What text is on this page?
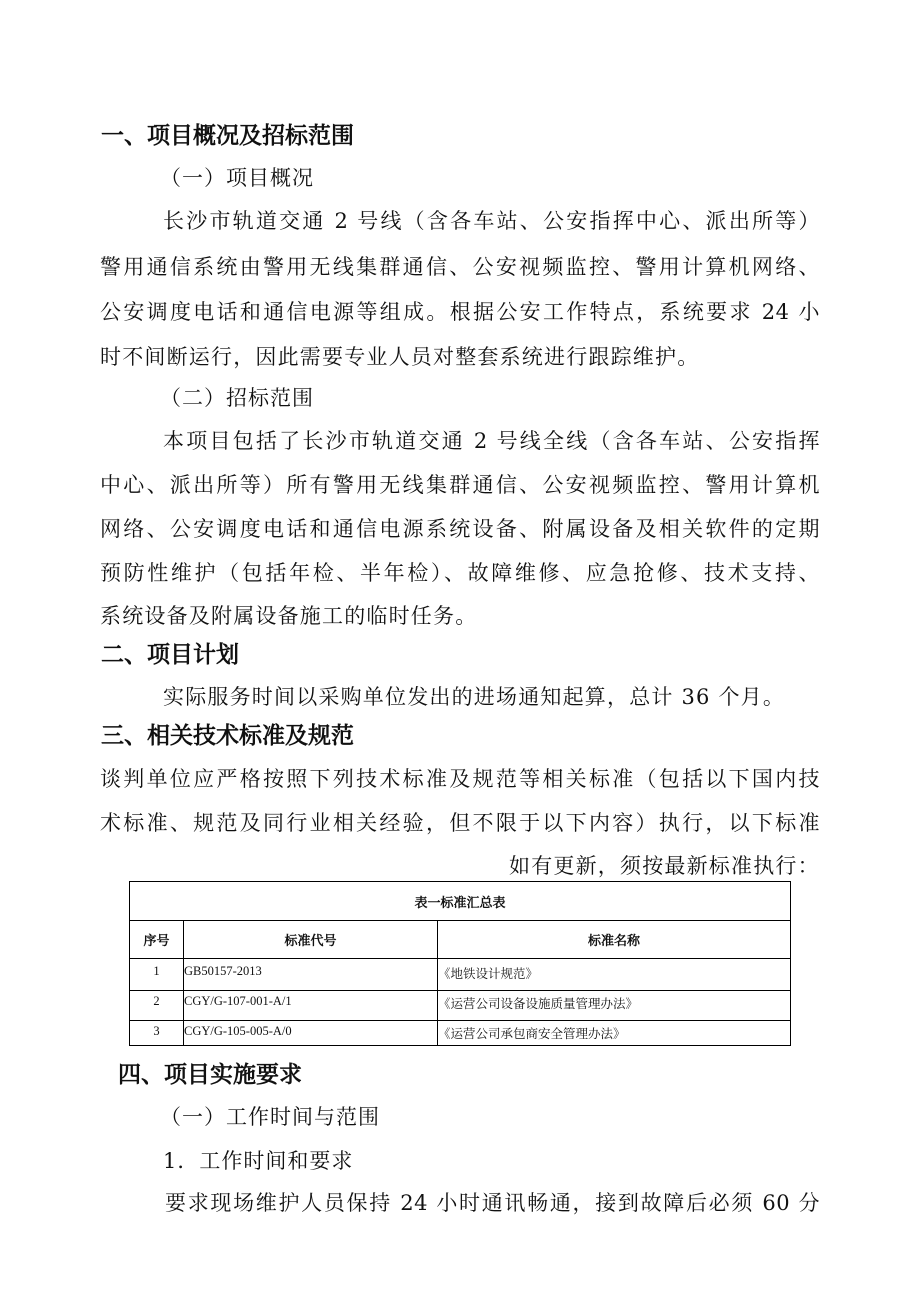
一、项目概况及招标范围
（一）项目概况
长沙市轨道交通 2 号线（含各车站、公安指挥中心、派出所等）
警用通信系统由警用无线集群通信、公安视频监控、警用计算机网络、
公安调度电话和通信电源等组成。根据公安工作特点，系统要求 24 小
时不间断运行，因此需要专业人员对整套系统进行跟踪维护。
（二）招标范围
本项目包括了长沙市轨道交通 2 号线全线（含各车站、公安指挥
中心、派出所等）所有警用无线集群通信、公安视频监控、警用计算机
网络、公安调度电话和通信电源系统设备、附属设备及相关软件的定期
预防性维护（包括年检、半年检）、故障维修、应急抢修、技术支持、
系统设备及附属设备施工的临时任务。
二、项目计划
实际服务时间以采购单位发出的进场通知起算，总计 36 个月。
三、相关技术标准及规范
谈判单位应严格按照下列技术标准及规范等相关标准（包括以下国内技
术标准、规范及同行业相关经验，但不限于以下内容）执行，以下标准
如有更新，须按最新标准执行：
表一标准汇总表		
序号	标准代号	标准名称
1	GB50157-2013	《地铁设计规范》
2	CGY/G-107-001-A/1	《运营公司设备设施质量管理办法》
3	CGY/G-105-005-A/0	《运营公司承包商安全管理办法》
四、项目实施要求
（一）工作时间与范围
1．工作时间和要求
要求现场维护人员保持 24 小时通讯畅通，接到故障后必须 60 分
